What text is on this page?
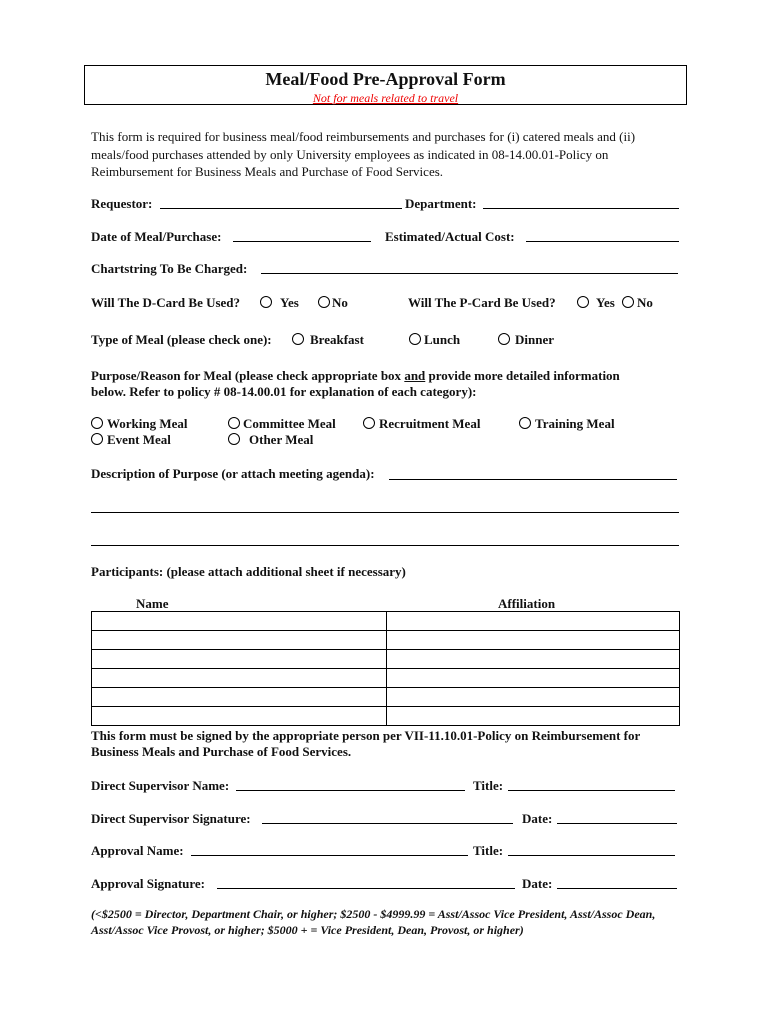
Meal/Food Pre-Approval Form
Not for meals related to travel
This form is required for business meal/food reimbursements and purchases for (i) catered meals and (ii) meals/food purchases attended by only University employees as indicated in 08-14.00.01-Policy on Reimbursement for Business Meals and Purchase of Food Services.
Requestor:	Department:
Date of Meal/Purchase:	Estimated/Actual Cost:
Chartstring To Be Charged:
Will The D-Card Be Used?	Yes	No	Will The P-Card Be Used?	Yes No
Type of Meal (please check one):	Breakfast	Lunch	Dinner
Purpose/Reason for Meal (please check appropriate box and provide more detailed information
below. Refer to policy # 08-14.00.01 for explanation of each category):
Working Meal
Event Meal
Committee Meal
Other Meal
Recruitment Meal	Training Meal
Description of Purpose (or attach meeting agenda):
Participants: (please attach additional sheet if necessary)
Name	Affiliation

This form must be signed by the appropriate person per VII-11.10.01-Policy on Reimbursement for Business Meals and Purchase of Food Services.
Direct Supervisor Name:	Title:
Direct Supervisor Signature:	Date:
Approval Name:	Title:
Approval Signature:	Date:
(<$2500 = Director, Department Chair, or higher; $2500 - $4999.99 = Asst/Assoc Vice President, Asst/Assoc Dean, Asst/Assoc Vice Provost, or higher; $5000 + = Vice President, Dean, Provost, or higher)
